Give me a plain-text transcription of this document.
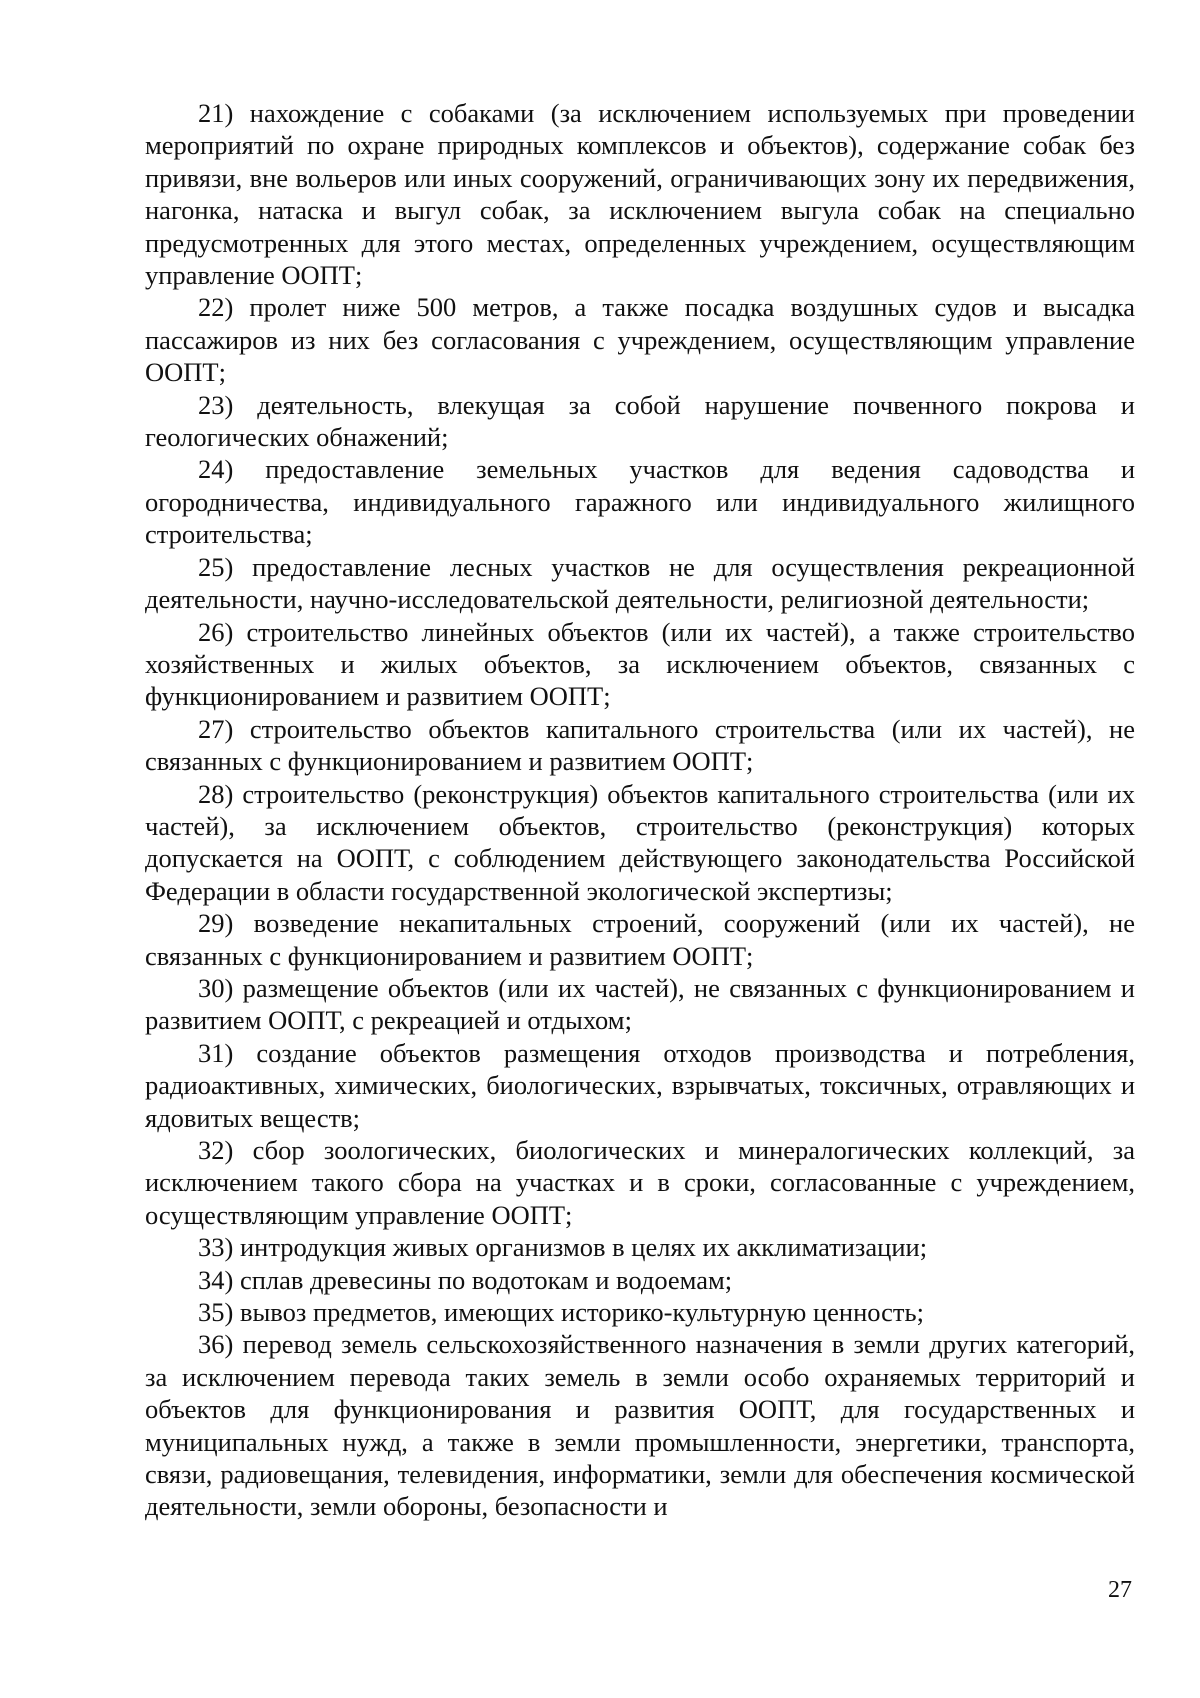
21) нахождение с собаками (за исключением используемых при проведении мероприятий по охране природных комплексов и объектов), содержание собак без привязи, вне вольеров или иных сооружений, ограничивающих зону их передвижения, нагонка, натаска и выгул собак, за исключением выгула собак на специально предусмотренных для этого местах, определенных учреждением, осуществляющим управление ООПТ;

22) пролет ниже 500 метров, а также посадка воздушных судов и высадка пассажиров из них без согласования с учреждением, осуществляющим управление ООПТ;

23) деятельность, влекущая за собой нарушение почвенного покрова и геологических обнажений;

24) предоставление земельных участков для ведения садоводства и огородничества, индивидуального гаражного или индивидуального жилищного строительства;

25) предоставление лесных участков не для осуществления рекреационной деятельности, научно-исследовательской деятельности, религиозной деятельности;

26) строительство линейных объектов (или их частей), а также строительство хозяйственных и жилых объектов, за исключением объектов, связанных с функционированием и развитием ООПТ;

27) строительство объектов капитального строительства (или их частей), не связанных с функционированием и развитием ООПТ;

28) строительство (реконструкция) объектов капитального строительства (или их частей), за исключением объектов, строительство (реконструкция) которых допускается на ООПТ, с соблюдением действующего законодательства Российской Федерации в области государственной экологической экспертизы;

29) возведение некапитальных строений, сооружений (или их частей), не связанных с функционированием и развитием ООПТ;

30) размещение объектов (или их частей), не связанных с функционированием и развитием ООПТ, с рекреацией и отдыхом;

31) создание объектов размещения отходов производства и потребления, радиоактивных, химических, биологических, взрывчатых, токсичных, отравляющих и ядовитых веществ;

32) сбор зоологических, биологических и минералогических коллекций, за исключением такого сбора на участках и в сроки, согласованные с учреждением, осуществляющим управление ООПТ;

33) интродукция живых организмов в целях их акклиматизации;

34) сплав древесины по водотокам и водоемам;

35) вывоз предметов, имеющих историко-культурную ценность;

36) перевод земель сельскохозяйственного назначения в земли других категорий, за исключением перевода таких земель в земли особо охраняемых территорий и объектов для функционирования и развития ООПТ, для государственных и муниципальных нужд, а также в земли промышленности, энергетики, транспорта, связи, радиовещания, телевидения, информатики, земли для обеспечения космической деятельности, земли обороны, безопасности и

27
